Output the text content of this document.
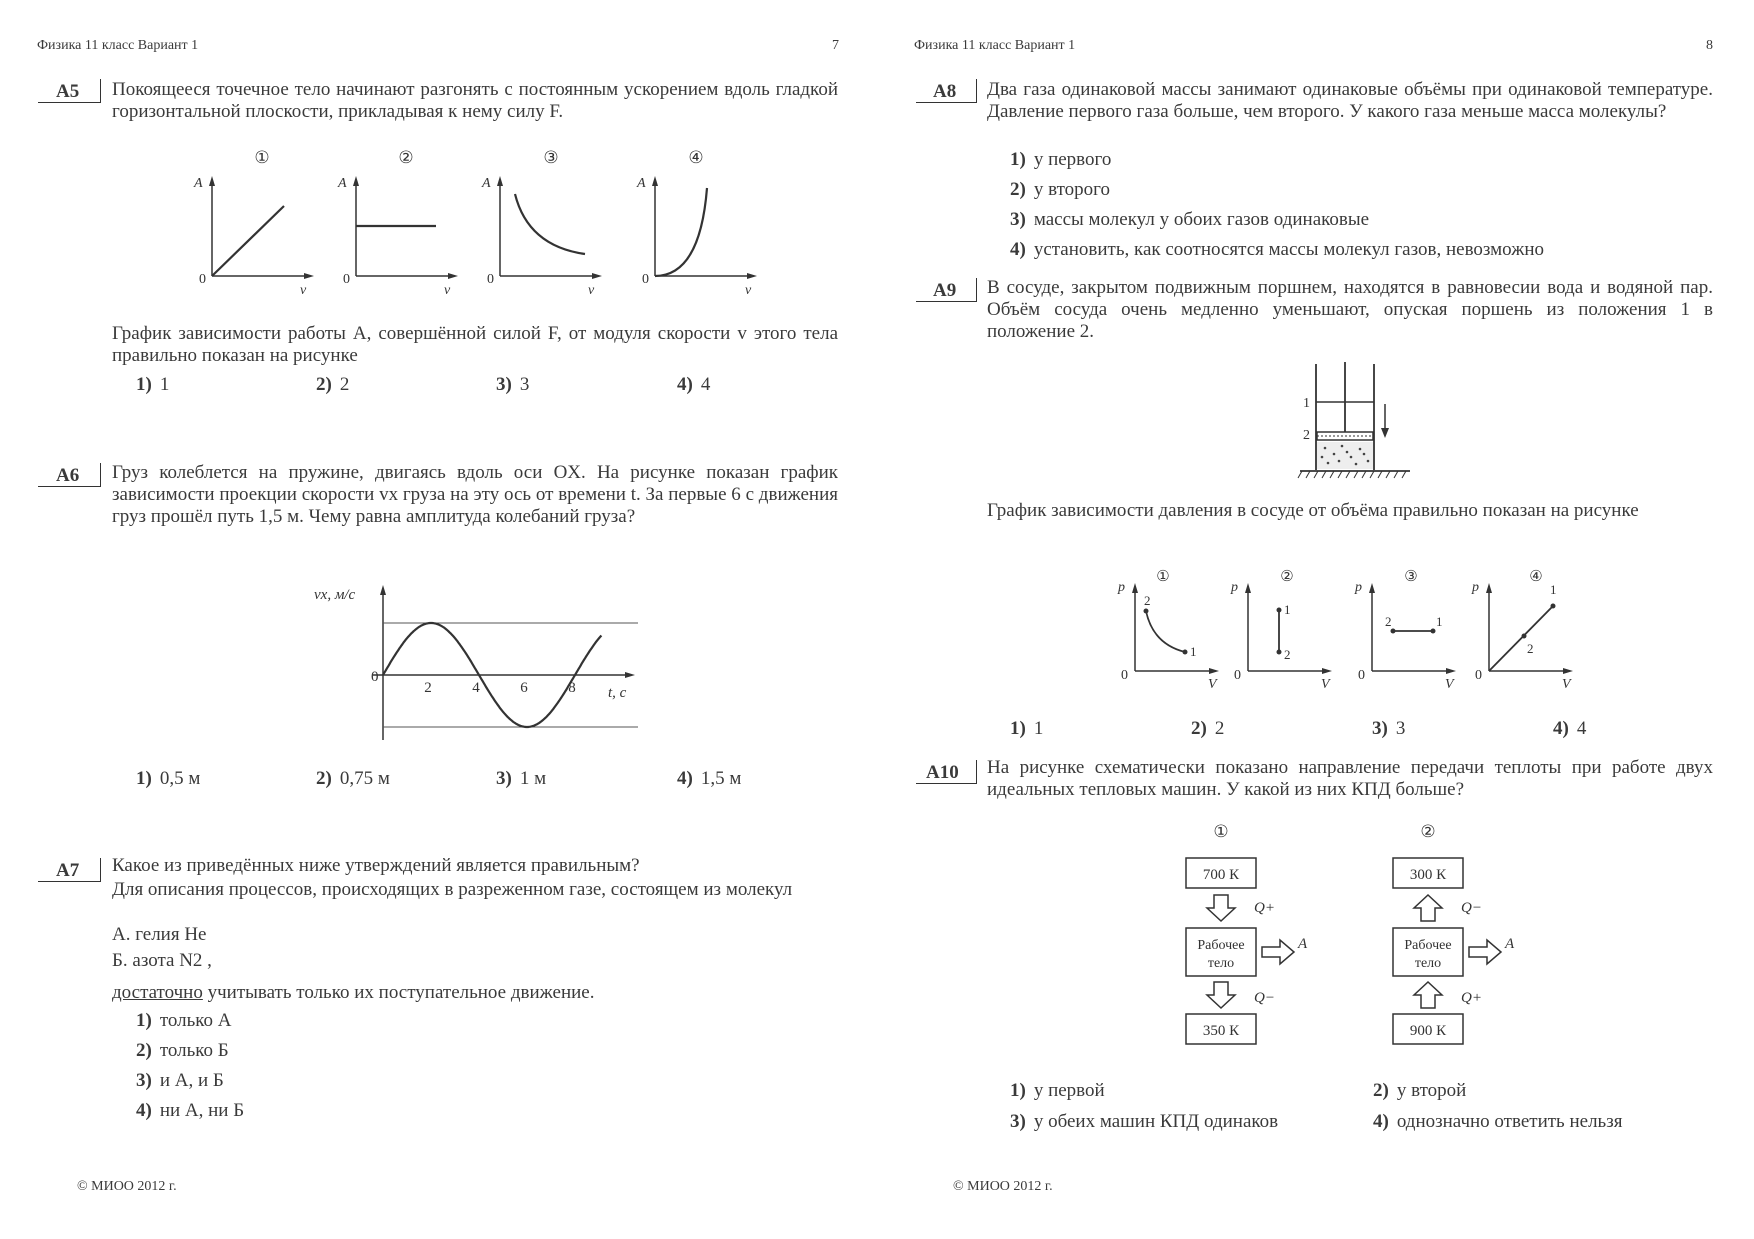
Физика 11 класс Вариант 1	7
A5 Покоящееся точечное тело начинают разгонять с постоянным ускорением вдоль гладкой горизонтальной плоскости, прикладывая к нему силу F.
①
A
0
v
②
A
0
v
③
A
0
v
④
A
0
v
График зависимости работы A, совершённой силой F, от модуля скорости v этого тела правильно показан на рисунке
1) 1	2) 2	3) 3	4) 4
A6 Груз колеблется на пружине, двигаясь вдоль оси OX. На рисунке показан график зависимости проекции скорости vx груза на эту ось от времени t. За первые 6 с движения груз прошёл путь 1,5 м. Чему равна амплитуда колебаний груза?
vx, м/с
0
2	4	6	8 t, с
1) 0,5 м	2) 0,75 м	3) 1 м	4) 1,5 м
A7 Какое из приведённых ниже утверждений является правильным?
Для описания процессов, происходящих в разреженном газе, состоящем из молекул
А. гелия He
Б. азота N2 ,
достаточно учитывать только их поступательное движение.
1) только А
2) только Б
3) и А, и Б
4) ни А, ни Б
© МИОО 2012 г.
Физика 11 класс Вариант 1	8
A8 Два газа одинаковой массы занимают одинаковые объёмы при одинаковой температуре. Давление первого газа больше, чем второго. У какого газа меньше масса молекулы?
1) у первого
2) у второго
3) массы молекул у обоих газов одинаковые
4) установить, как соотносятся массы молекул газов, невозможно
A9 В сосуде, закрытом подвижным поршнем, находятся в равновесии вода и водяной пар. Объём сосуда очень медленно уменьшают, опуская поршень из положения 1 в положение 2.
1
2
График зависимости давления в сосуде от объёма правильно показан на рисунке
①
p
0
V
2
1
②
p
0
V
1
2
③
p
0
V
2	1
④
p
0
V
1
2
1) 1	2) 2	3) 3	4) 4
A10 На рисунке схематически показано направление передачи теплоты при работе двух идеальных тепловых машин. У какой из них КПД больше?
①
700 К
Q+
Рабочее
тело
A
Q−
350 К
②
300 К
Q−
Рабочее
тело
A
Q+
900 К
1) у первой	2) у второй
3) у обеих машин КПД одинаков	4) однозначно ответить нельзя
© МИОО 2012 г.
